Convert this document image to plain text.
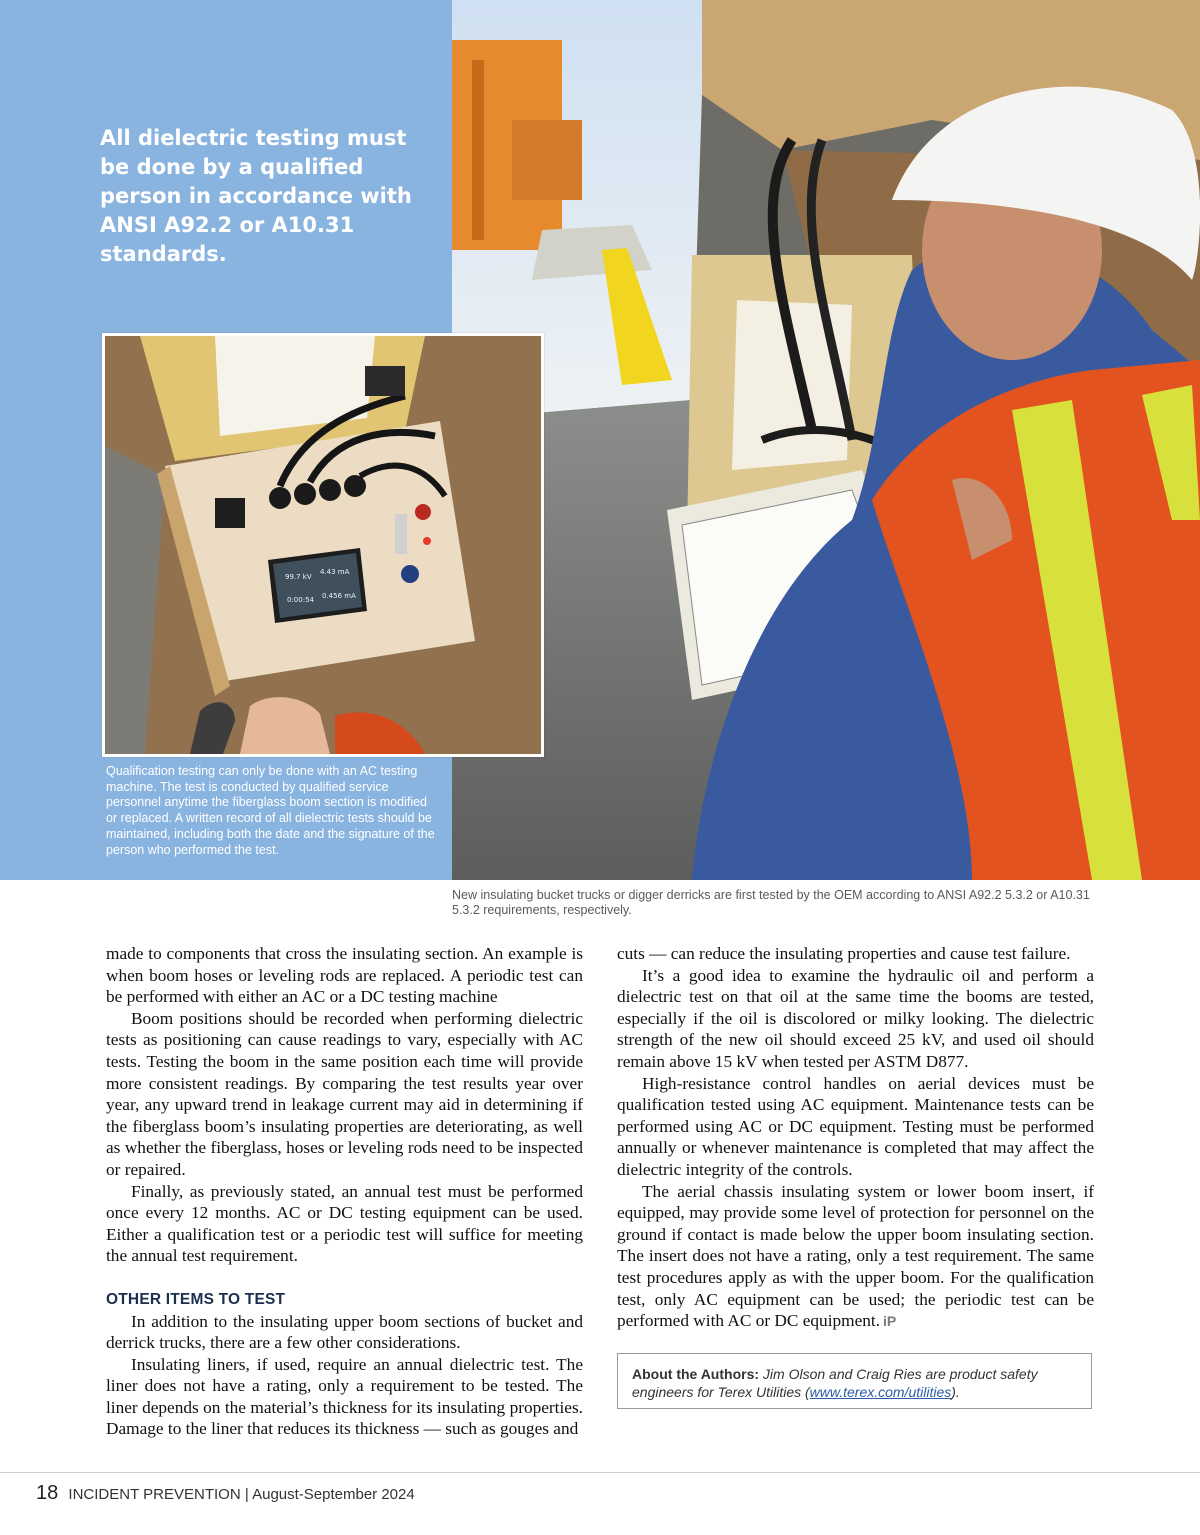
All dielectric testing must be done by a qualified person in accordance with ANSI A92.2 or A10.31 standards.

99.7 kV
4.43 mA
0:00:54 0.456 mA

Qualification testing can only be done with an AC testing machine. The test is conducted by qualified service personnel anytime the fiberglass boom section is modified or replaced. A written record of all dielectric tests should be maintained, including both the date and the signature of the person who performed the test.

New insulating bucket trucks or digger derricks are first tested by the OEM according to ANSI A92.2 5.3.2 or A10.31 5.3.2 requirements, respectively.

made to components that cross the insulating section. An example is when boom hoses or leveling rods are replaced. A periodic test can be performed with either an AC or a DC testing machine

Boom positions should be recorded when performing dielectric tests as positioning can cause readings to vary, especially with AC tests. Testing the boom in the same position each time will provide more consistent readings. By comparing the test results year over year, any upward trend in leakage current may aid in determining if the fiberglass boom’s insulating properties are deteriorating, as well as whether the fiberglass, hoses or leveling rods need to be inspected or repaired.

Finally, as previously stated, an annual test must be performed once every 12 months. AC or DC testing equipment can be used. Either a qualification test or a periodic test will suffice for meeting the annual test requirement.

OTHER ITEMS TO TEST

In addition to the insulating upper boom sections of bucket and derrick trucks, there are a few other considerations.

Insulating liners, if used, require an annual dielectric test. The liner does not have a rating, only a requirement to be tested. The liner depends on the material’s thickness for its insulating properties. Damage to the liner that reduces its thickness — such as gouges and

cuts — can reduce the insulating properties and cause test failure.

It’s a good idea to examine the hydraulic oil and perform a dielectric test on that oil at the same time the booms are tested, especially if the oil is discolored or milky looking. The dielectric strength of the new oil should exceed 25 kV, and used oil should remain above 15 kV when tested per ASTM D877.

High-resistance control handles on aerial devices must be qualification tested using AC equipment. Maintenance tests can be performed using AC or DC equipment. Testing must be performed annually or whenever maintenance is completed that may affect the dielectric integrity of the controls.

The aerial chassis insulating system or lower boom insert, if equipped, may provide some level of protection for personnel on the ground if contact is made below the upper boom insulating section. The insert does not have a rating, only a test requirement. The same test procedures apply as with the upper boom. For the qualification test, only AC equipment can be used; the periodic test can be performed with AC or DC equipment. iP

About the Authors: Jim Olson and Craig Ries are product safety engineers for Terex Utilities (www.terex.com/utilities).
18 INCIDENT PREVENTION | August-September 2024
